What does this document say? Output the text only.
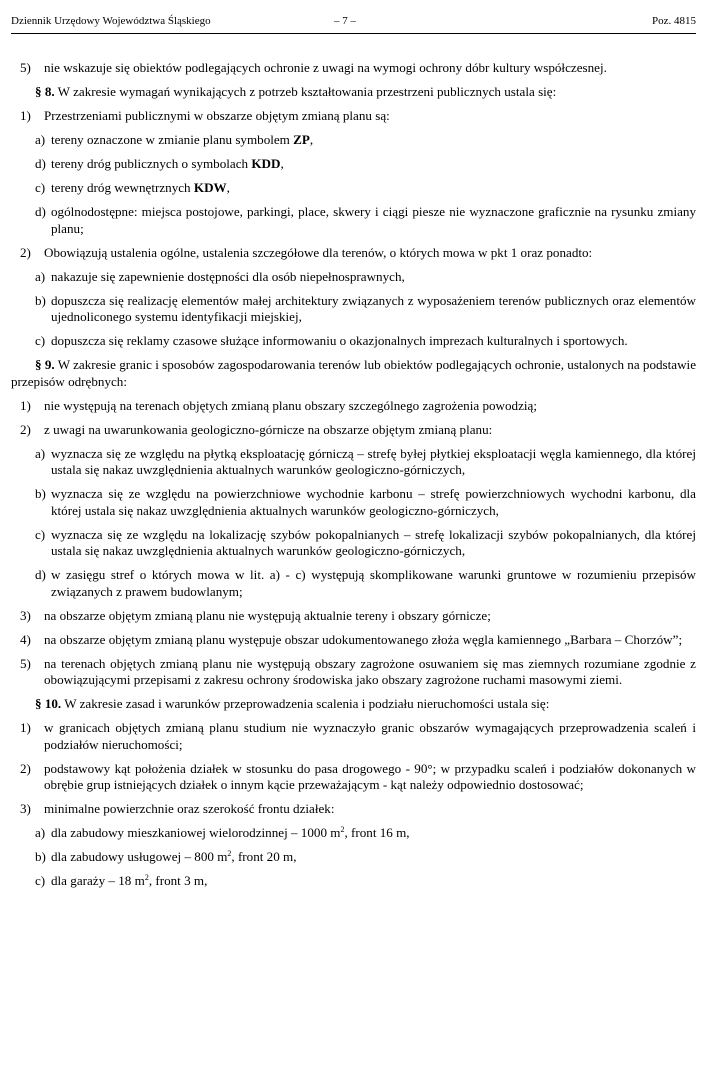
Dziennik Urzędowy Województwa Śląskiego	– 7 –	Poz. 4815
5) nie wskazuje się obiektów podlegających ochronie z uwagi na wymogi ochrony dóbr kultury współczesnej.
§ 8. W zakresie wymagań wynikających z potrzeb kształtowania przestrzeni publicznych ustala się:
1) Przestrzeniami publicznymi w obszarze objętym zmianą planu są:
a) tereny oznaczone w zmianie planu symbolem ZP,
d) tereny dróg publicznych o symbolach KDD,
c) tereny dróg wewnętrznych KDW,
d) ogólnodostępne: miejsca postojowe, parkingi, place, skwery i ciągi piesze nie wyznaczone graficznie na rysunku zmiany planu;
2) Obowiązują ustalenia ogólne, ustalenia szczegółowe dla terenów, o których mowa w pkt 1 oraz ponadto:
a) nakazuje się zapewnienie dostępności dla osób niepełnosprawnych,
b) dopuszcza się realizację elementów małej architektury związanych z wyposażeniem terenów publicznych oraz elementów ujednoliconego systemu identyfikacji miejskiej,
c) dopuszcza się reklamy czasowe służące informowaniu o okazjonalnych imprezach kulturalnych i sportowych.
§ 9. W zakresie granic i sposobów zagospodarowania terenów lub obiektów podlegających ochronie, ustalonych na podstawie przepisów odrębnych:
1) nie występują na terenach objętych zmianą planu obszary szczególnego zagrożenia powodzią;
2) z uwagi na uwarunkowania geologiczno-górnicze na obszarze objętym zmianą planu:
a) wyznacza się ze względu na płytką eksploatację górniczą – strefę byłej płytkiej eksploatacji węgla kamiennego, dla której ustala się nakaz uwzględnienia aktualnych warunków geologiczno-górniczych,
b) wyznacza się ze względu na powierzchniowe wychodnie karbonu – strefę powierzchniowych wychodni karbonu, dla której ustala się nakaz uwzględnienia aktualnych warunków geologiczno-górniczych,
c) wyznacza się ze względu na lokalizację szybów pokopalnianych – strefę lokalizacji szybów pokopalnianych, dla której ustala się nakaz uwzględnienia aktualnych warunków geologiczno-górniczych,
d) w zasięgu stref o których mowa w lit. a) - c) występują skomplikowane warunki gruntowe w rozumieniu przepisów związanych z prawem budowlanym;
3) na obszarze objętym zmianą planu nie występują aktualnie tereny i obszary górnicze;
4) na obszarze objętym zmianą planu występuje obszar udokumentowanego złoża węgla kamiennego „Barbara – Chorzów”;
5) na terenach objętych zmianą planu nie występują obszary zagrożone osuwaniem się mas ziemnych rozumiane zgodnie z obowiązującymi przepisami z zakresu ochrony środowiska jako obszary zagrożone ruchami masowymi ziemi.
§ 10. W zakresie zasad i warunków przeprowadzenia scalenia i podziału nieruchomości ustala się:
1) w granicach objętych zmianą planu studium nie wyznaczyło granic obszarów wymagających przeprowadzenia scaleń i podziałów nieruchomości;
2) podstawowy kąt położenia działek w stosunku do pasa drogowego - 90°; w przypadku scaleń i podziałów dokonanych w obrębie grup istniejących działek o innym kącie przeważającym - kąt należy odpowiednio dostosować;
3) minimalne powierzchnie oraz szerokość frontu działek:
a) dla zabudowy mieszkaniowej wielorodzinnej – 1000 $m^2$, front 16 m,
b) dla zabudowy usługowej – 800 $m^2$, front 20 m,
c) dla garaży – 18 $m^2$, front 3 m,
